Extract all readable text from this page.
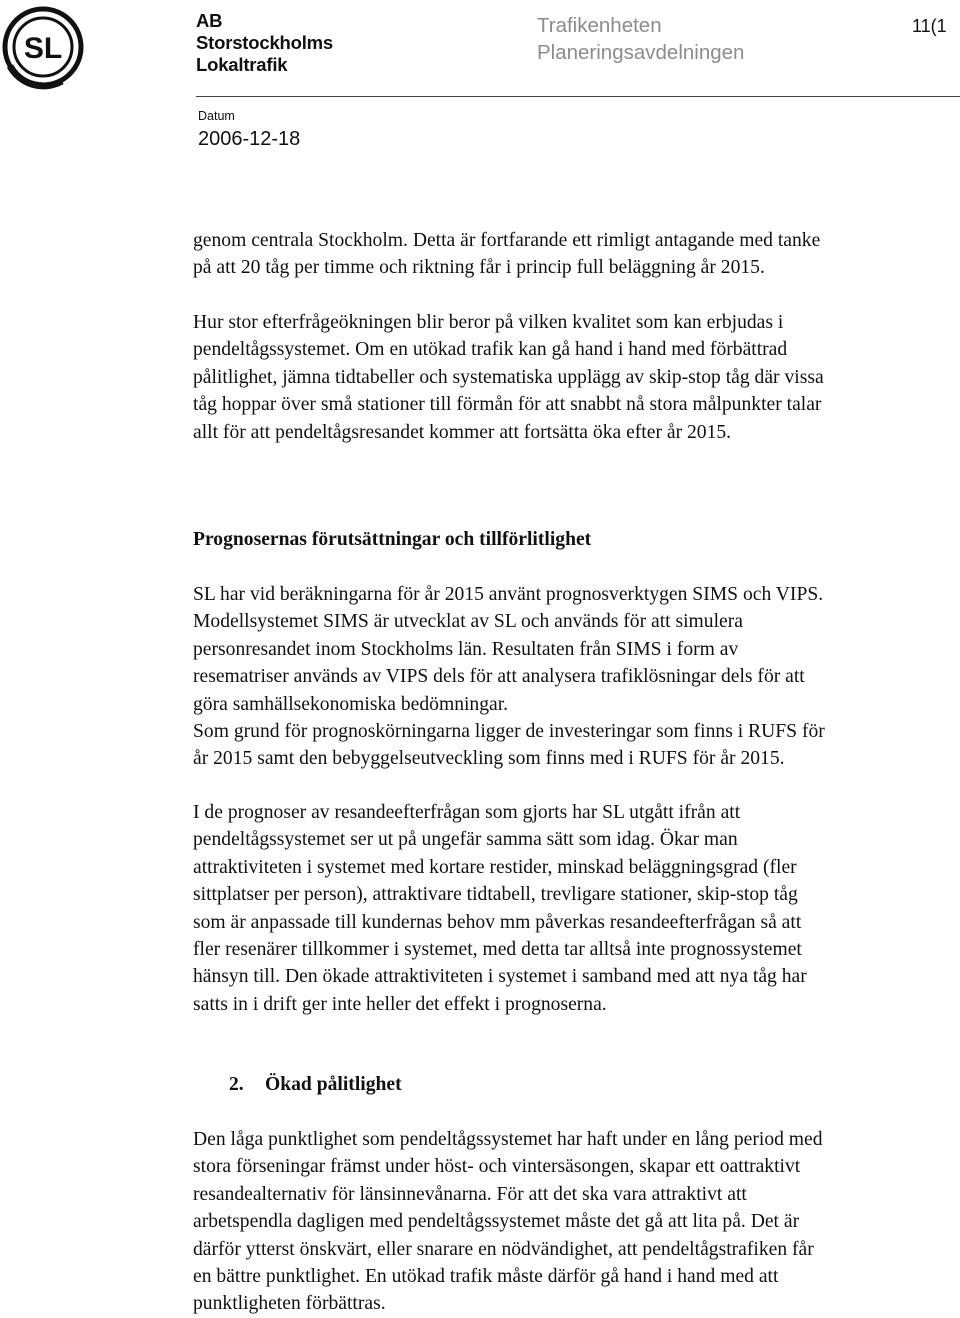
SL
AB
Storstockholms
Lokaltrafik
Trafikenheten
Planeringsavdelningen
11(1
Datum
2006-12-18
genom centrala Stockholm. Detta är fortfarande ett rimligt antagande med tanke
på att 20 tåg per timme och riktning får i princip full beläggning år 2015.
Hur stor efterfrågeökningen blir beror på vilken kvalitet som kan erbjudas i
pendeltågssystemet. Om en utökad trafik kan gå hand i hand med förbättrad
pålitlighet, jämna tidtabeller och systematiska upplägg av skip-stop tåg där vissa
tåg hoppar över små stationer till förmån för att snabbt nå stora målpunkter talar
allt för att pendeltågsresandet kommer att fortsätta öka efter år 2015.
Prognosernas förutsättningar och tillförlitlighet
SL har vid beräkningarna för år 2015 använt prognosverktygen SIMS och VIPS.
Modellsystemet SIMS är utvecklat av SL och används för att simulera
personresandet inom Stockholms län. Resultaten från SIMS i form av
resematriser används av VIPS dels för att analysera trafiklösningar dels för att
göra samhällsekonomiska bedömningar.
Som grund för prognoskörningarna ligger de investeringar som finns i RUFS för
år 2015 samt den bebyggelseutveckling som finns med i RUFS för år 2015.
I de prognoser av resandeefterfrågan som gjorts har SL utgått ifrån att
pendeltågssystemet ser ut på ungefär samma sätt som idag. Ökar man
attraktiviteten i systemet med kortare restider, minskad beläggningsgrad (fler
sittplatser per person), attraktivare tidtabell, trevligare stationer, skip-stop tåg
som är anpassade till kundernas behov mm påverkas resandeefterfrågan så att
fler resenärer tillkommer i systemet, med detta tar alltså inte prognossystemet
hänsyn till. Den ökade attraktiviteten i systemet i samband med att nya tåg har
satts in i drift ger inte heller det effekt i prognoserna.
2. Ökad pålitlighet
Den låga punktlighet som pendeltågssystemet har haft under en lång period med
stora förseningar främst under höst- och vintersäsongen, skapar ett oattraktivt
resandealternativ för länsinnevånarna. För att det ska vara attraktivt att
arbetspendla dagligen med pendeltågssystemet måste det gå att lita på. Det är
därför ytterst önskvärt, eller snarare en nödvändighet, att pendeltågstrafiken får
en bättre punktlighet. En utökad trafik måste därför gå hand i hand med att
punktligheten förbättras.
